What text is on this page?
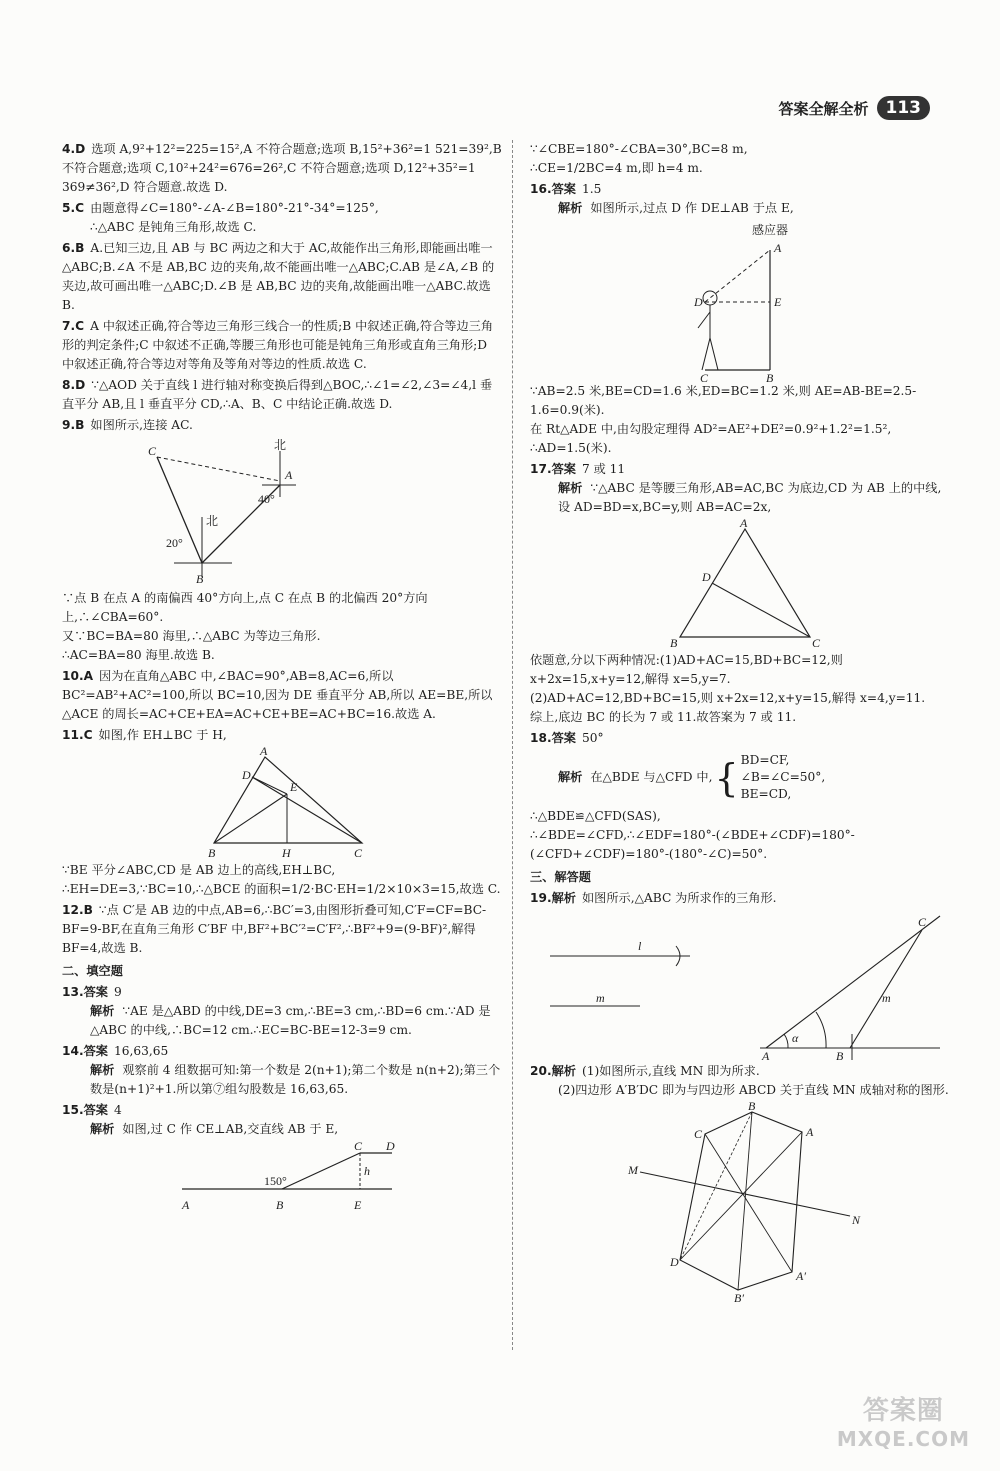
答案全解全析	113
4.D 选项 A,9²+12²=225=15²,A 不符合题意;选项 B,15²+36²=1 521=39²,B 不符合题意;选项 C,10²+24²=676=26²,C 不符合题意;选项 D,12²+35²=1 369≠36²,D 符合题意.故选 D.
5.C 由题意得∠C=180°-∠A-∠B=180°-21°-34°=125°,
∴△ABC 是钝角三角形,故选 C.
6.B A.已知三边,且 AB 与 BC 两边之和大于 AC,故能作出三角形,即能画出唯一△ABC;B.∠A 不是 AB,BC 边的夹角,故不能画出唯一△ABC;C.AB 是∠A,∠B 的夹边,故可画出唯一△ABC;D.∠B 是 AB,BC 边的夹角,故能画出唯一△ABC.故选 B.
7.C A 中叙述正确,符合等边三角形三线合一的性质;B 中叙述正确,符合等边三角形的判定条件;C 中叙述不正确,等腰三角形也可能是钝角三角形或直角三角形;D 中叙述正确,符合等边对等角及等角对等边的性质.故选 C.
8.D ∵△AOD 关于直线 l 进行轴对称变换后得到△BOC,∴∠1=∠2,∠3=∠4,l 垂直平分 AB,且 l 垂直平分 CD,∴A、B、C 中结论正确.故选 D.
9.B 如图所示,连接 AC.
C
A
B
北
北
40°
20°
∵点 B 在点 A 的南偏西 40°方向上,点 C 在点 B 的北偏西 20°方向上,∴∠CBA=60°.
又∵BC=BA=80 海里,∴△ABC 为等边三角形.
∴AC=BA=80 海里.故选 B.
10.A 因为在直角△ABC 中,∠BAC=90°,AB=8,AC=6,所以 BC²=AB²+AC²=100,所以 BC=10,因为 DE 垂直平分 AB,所以 AE=BE,所以△ACE 的周长=AC+CE+EA=AC+CE+BE=AC+BC=16.故选 A.
11.C 如图,作 EH⊥BC 于 H,
A
D
E
B	H	C
∵BE 平分∠ABC,CD 是 AB 边上的高线,EH⊥BC,
∴EH=DE=3,∵BC=10,∴△BCE 的面积=1/2·BC·EH=1/2×10×3=15,故选 C.
12.B ∵点 C′是 AB 边的中点,AB=6,∴BC′=3,由图形折叠可知,C′F=CF=BC-BF=9-BF,在直角三角形 C′BF 中,BF²+BC′²=C′F²,∴BF²+9=(9-BF)²,解得 BF=4,故选 B.
二、填空题
13.答案 9
解析 ∵AE 是△ABD 的中线,DE=3 cm,∴BE=3 cm,∴BD=6 cm.∵AD 是△ABC 的中线,∴BC=12 cm.∴EC=BC-BE=12-3=9 cm.
14.答案 16,63,65
解析 观察前 4 组数据可知:第一个数是 2(n+1);第二个数是 n(n+2);第三个数是(n+1)²+1.所以第⑦组勾股数是 16,63,65.
15.答案 4
解析 如图,过 C 作 CE⊥AB,交直线 AB 于 E,
A	B	E
C D
h
150°
∵∠CBE=180°-∠CBA=30°,BC=8 m,
∴CE=1/2BC=4 m,即 h=4 m.
16.答案 1.5
解析 如图所示,过点 D 作 DE⊥AB 于点 E,
感应器
A
D	E
C	B
∵AB=2.5 米,BE=CD=1.6 米,ED=BC=1.2 米,则 AE=AB-BE=2.5-1.6=0.9(米).
在 Rt△ADE 中,由勾股定理得 AD²=AE²+DE²=0.9²+1.2²=1.5²,
∴AD=1.5(米).
17.答案 7 或 11
解析 ∵△ABC 是等腰三角形,AB=AC,BC 为底边,CD 为 AB 上的中线,设 AD=BD=x,BC=y,则 AB=AC=2x,
A
D
B	C
依题意,分以下两种情况:(1)AD+AC=15,BD+BC=12,则 x+2x=15,x+y=12,解得 x=5,y=7.
(2)AD+AC=12,BD+BC=15,则 x+2x=12,x+y=15,解得 x=4,y=11.
综上,底边 BC 的长为 7 或 11.故答案为 7 或 11.
18.答案 50°
解析 在△BDE 与△CFD 中, { BD=CF,
∠B=∠C=50°,
BE=CD,
∴△BDE≌△CFD(SAS),
∴∠BDE=∠CFD,∴∠EDF=180°-(∠BDE+∠CDF)=180°-(∠CFD+∠CDF)=180°-(180°-∠C)=50°.
三、解答题
19.解析 如图所示,△ABC 为所求作的三角形.
l
m
C
m
A	B
α
20.解析 (1)如图所示,直线 MN 即为所求.
(2)四边形 A′B′DC 即为与四边形 ABCD 关于直线 MN 成轴对称的图形.
B
C	A
M
N
D
A′
B′
答案圈
MXQE.COM
